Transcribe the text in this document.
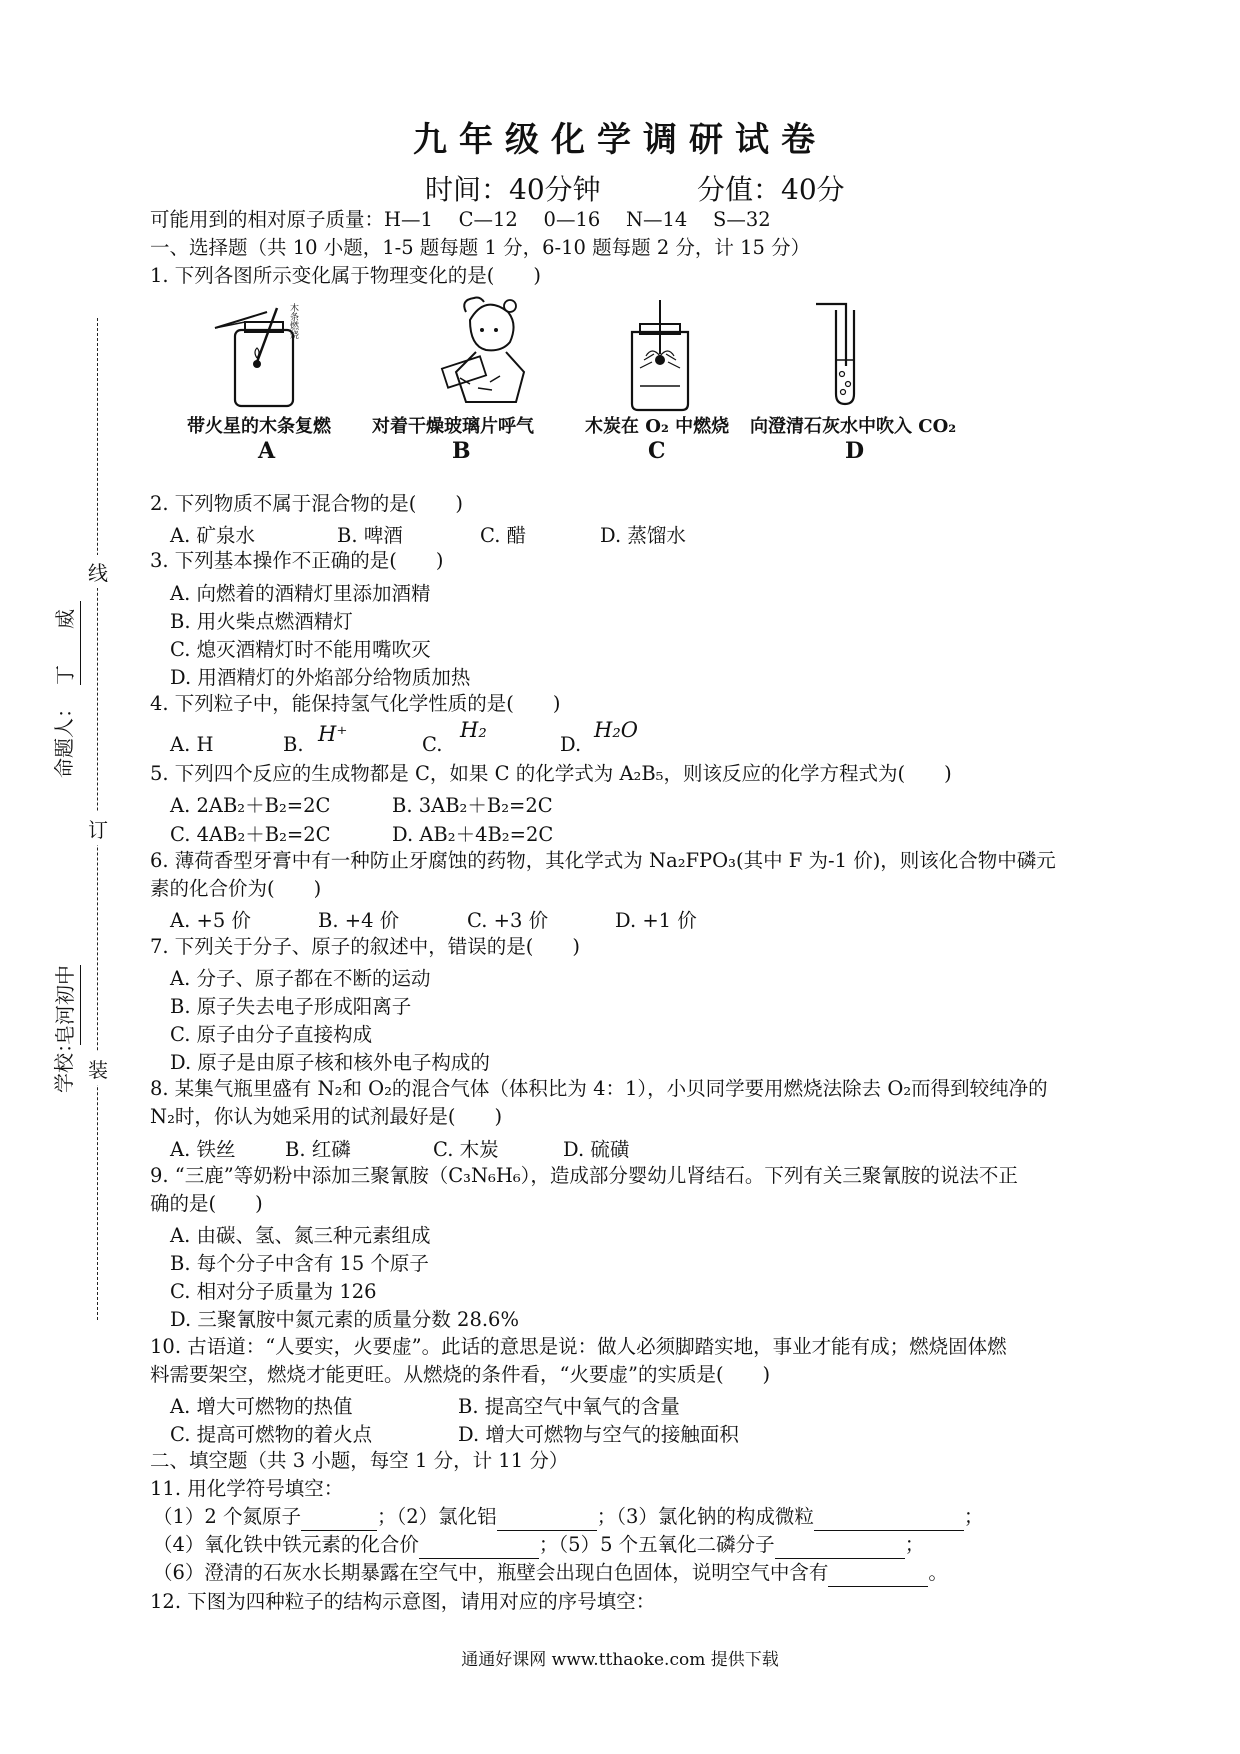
九年级化学调研试卷
时间：40分钟	分值：40分
可能用到的相对原子质量：H—1　 C—12　 0—16　 N—14　 S—32
学校：
皂河初中
命题人：
丁　威
装
订
线
一、选择题（共 10 小题，1-5 题每题 1 分，6-10 题每题 2 分，计 15 分）
1. 下列各图所示变化属于物理变化的是(　　)
木条燃烧
带火星的木条复燃 对着干燥玻璃片呼气	木炭在 O₂ 中燃烧 向澄清石灰水中吹入 CO₂
A	B	C	D
2. 下列物质不属于混合物的是(　　)
A. 矿泉水	B. 啤酒	C. 醋	D. 蒸馏水
3. 下列基本操作不正确的是(　　)
A. 向燃着的酒精灯里添加酒精
B. 用火柴点燃酒精灯
C. 熄灭酒精灯时不能用嘴吹灭
D. 用酒精灯的外焰部分给物质加热
4. 下列粒子中，能保持氢气化学性质的是(　　)
A. H	B. H⁺	C.
H₂
D.
H₂O
5. 下列四个反应的生成物都是 C，如果 C 的化学式为 A₂B₅，则该反应的化学方程式为(　　)
A. 2AB₂＋B₂=2C	B. 3AB₂＋B₂=2C
C. 4AB₂＋B₂=2C	D. AB₂＋4B₂=2C
6. 薄荷香型牙膏中有一种防止牙腐蚀的药物，其化学式为 Na₂FPO₃(其中 F 为-1 价)，则该化合物中磷元
素的化合价为(　　)
A. +5 价	B. +4 价	C. +3 价	D. +1 价
7. 下列关于分子、原子的叙述中，错误的是(　　)
A. 分子、原子都在不断的运动
B. 原子失去电子形成阳离子
C. 原子由分子直接构成
D. 原子是由原子核和核外电子构成的
8. 某集气瓶里盛有 N₂和 O₂的混合气体（体积比为 4：1），小贝同学要用燃烧法除去 O₂而得到较纯净的
N₂时，你认为她采用的试剂最好是(　　)
A. 铁丝	B. 红磷	C. 木炭	D. 硫磺
9. “三鹿”等奶粉中添加三聚氰胺（C₃N₆H₆），造成部分婴幼儿肾结石。下列有关三聚氰胺的说法不正
确的是(　　)
A. 由碳、氢、氮三种元素组成
B. 每个分子中含有 15 个原子
C. 相对分子质量为 126
D. 三聚氰胺中氮元素的质量分数 28.6%
10. 古语道：“人要实，火要虚”。此话的意思是说：做人必须脚踏实地，事业才能有成；燃烧固体燃
料需要架空，燃烧才能更旺。从燃烧的条件看，“火要虚”的实质是(　　)
A. 增大可燃物的热值	B. 提高空气中氧气的含量
C. 提高可燃物的着火点	D. 增大可燃物与空气的接触面积
二、填空题（共 3 小题，每空 1 分，计 11 分）
11. 用化学符号填空：
（1）2 个氮原子	；（2）氯化铝	；（3）氯化钠的构成微粒	；
（4）氧化铁中铁元素的化合价	；（5）5 个五氧化二磷分子	；
（6）澄清的石灰水长期暴露在空气中，瓶壁会出现白色固体，说明空气中含有	。
12. 下图为四种粒子的结构示意图，请用对应的序号填空：
通通好课网 www.tthaoke.com 提供下载
